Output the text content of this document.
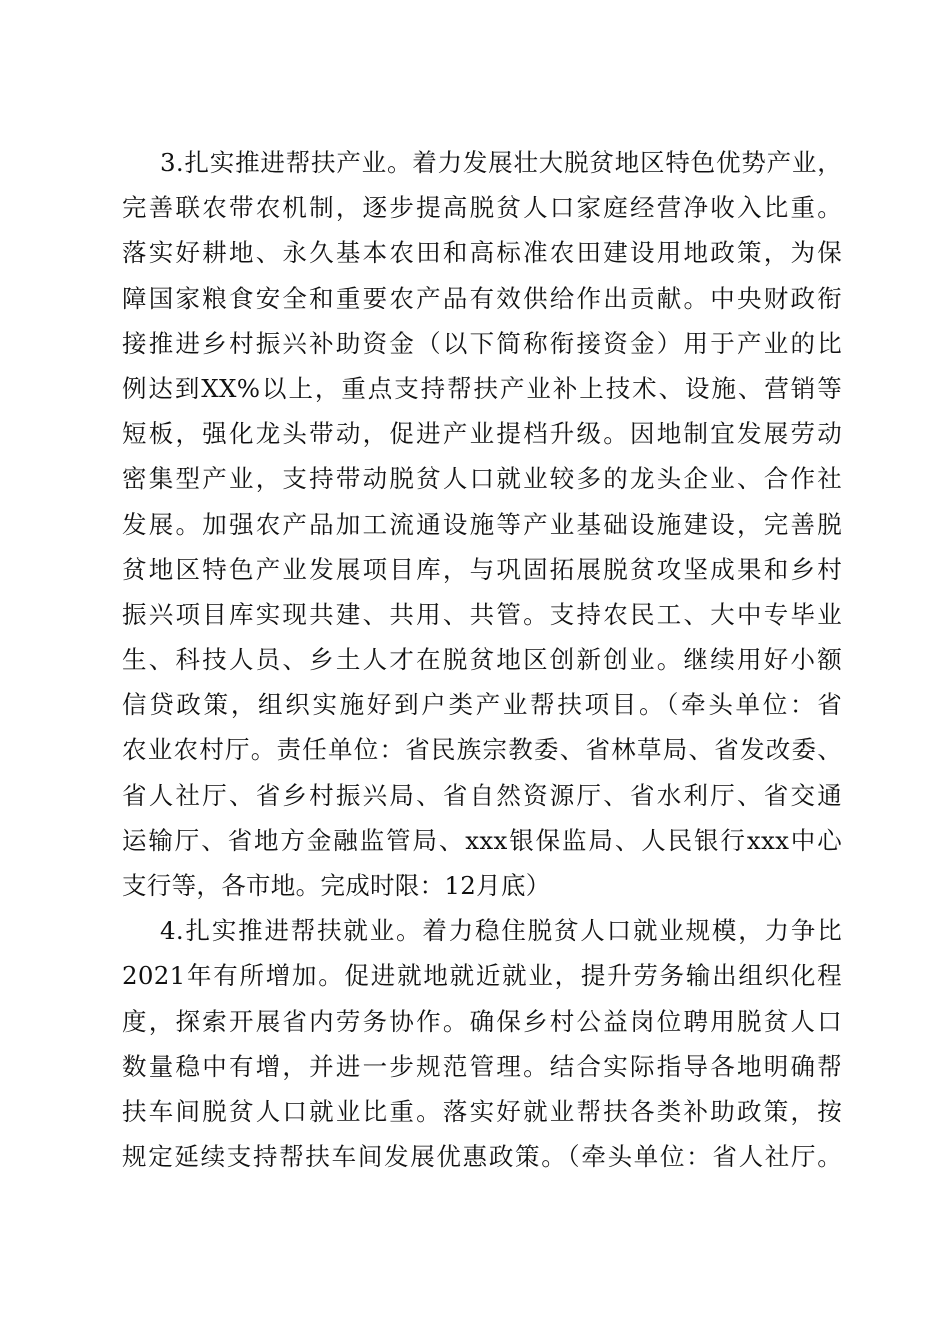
3.扎实推进帮扶产业。着力发展壮大脱贫地区特色优势产业，
完善联农带农机制，逐步提高脱贫人口家庭经营净收入比重。
落实好耕地、永久基本农田和高标准农田建设用地政策，为保
障国家粮食安全和重要农产品有效供给作出贡献。中央财政衔
接推进乡村振兴补助资金（以下简称衔接资金）用于产业的比
例达到XX%以上，重点支持帮扶产业补上技术、设施、营销等
短板，强化龙头带动，促进产业提档升级。因地制宜发展劳动
密集型产业，支持带动脱贫人口就业较多的龙头企业、合作社
发展。加强农产品加工流通设施等产业基础设施建设，完善脱
贫地区特色产业发展项目库，与巩固拓展脱贫攻坚成果和乡村
振兴项目库实现共建、共用、共管。支持农民工、大中专毕业
生、科技人员、乡土人才在脱贫地区创新创业。继续用好小额
信贷政策，组织实施好到户类产业帮扶项目。（牵头单位：省
农业农村厅。责任单位：省民族宗教委、省林草局、省发改委、
省人社厅、省乡村振兴局、省自然资源厅、省水利厅、省交通
运输厅、省地方金融监管局、xxx银保监局、人民银行xxx中心
支行等，各市地。完成时限：12月底）
4.扎实推进帮扶就业。着力稳住脱贫人口就业规模，力争比
2021年有所增加。促进就地就近就业，提升劳务输出组织化程
度，探索开展省内劳务协作。确保乡村公益岗位聘用脱贫人口
数量稳中有增，并进一步规范管理。结合实际指导各地明确帮
扶车间脱贫人口就业比重。落实好就业帮扶各类补助政策，按
规定延续支持帮扶车间发展优惠政策。（牵头单位：省人社厅。
